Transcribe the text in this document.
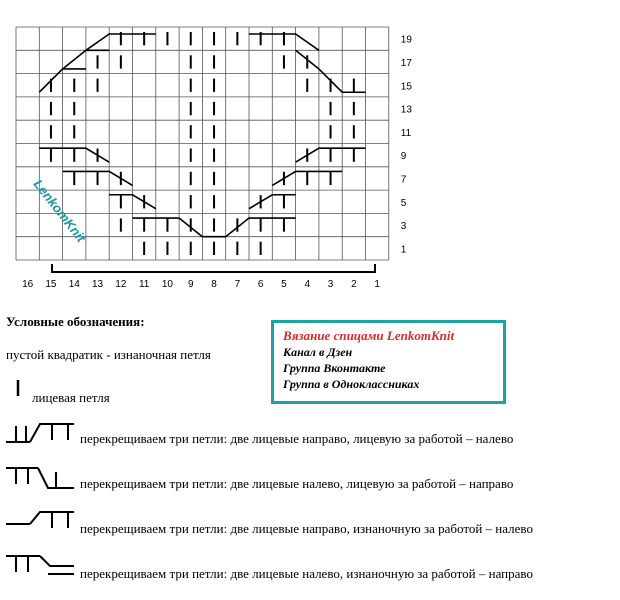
1
3
5
7
9
11
13
15
17
19
16 15 14 13 12 11 10 9 8 7 6 5 4 3 2 1
LenkomKnit
Условные обозначения:
пустой квадратик - изнаночная петля
лицевая петля
перекрещиваем три петли: две лицевые направо, лицевую за работой – налево
перекрещиваем три петли: две лицевые налево, лицевую за работой – направо
перекрещиваем три петли: две лицевые направо, изнаночную за работой – налево
перекрещиваем три петли: две лицевые налево, изнаночную за работой – направо
Вязание спицами LenkomKnit
Канал в Дзен
Группа Вконтакте
Группа в Одноклассниках
